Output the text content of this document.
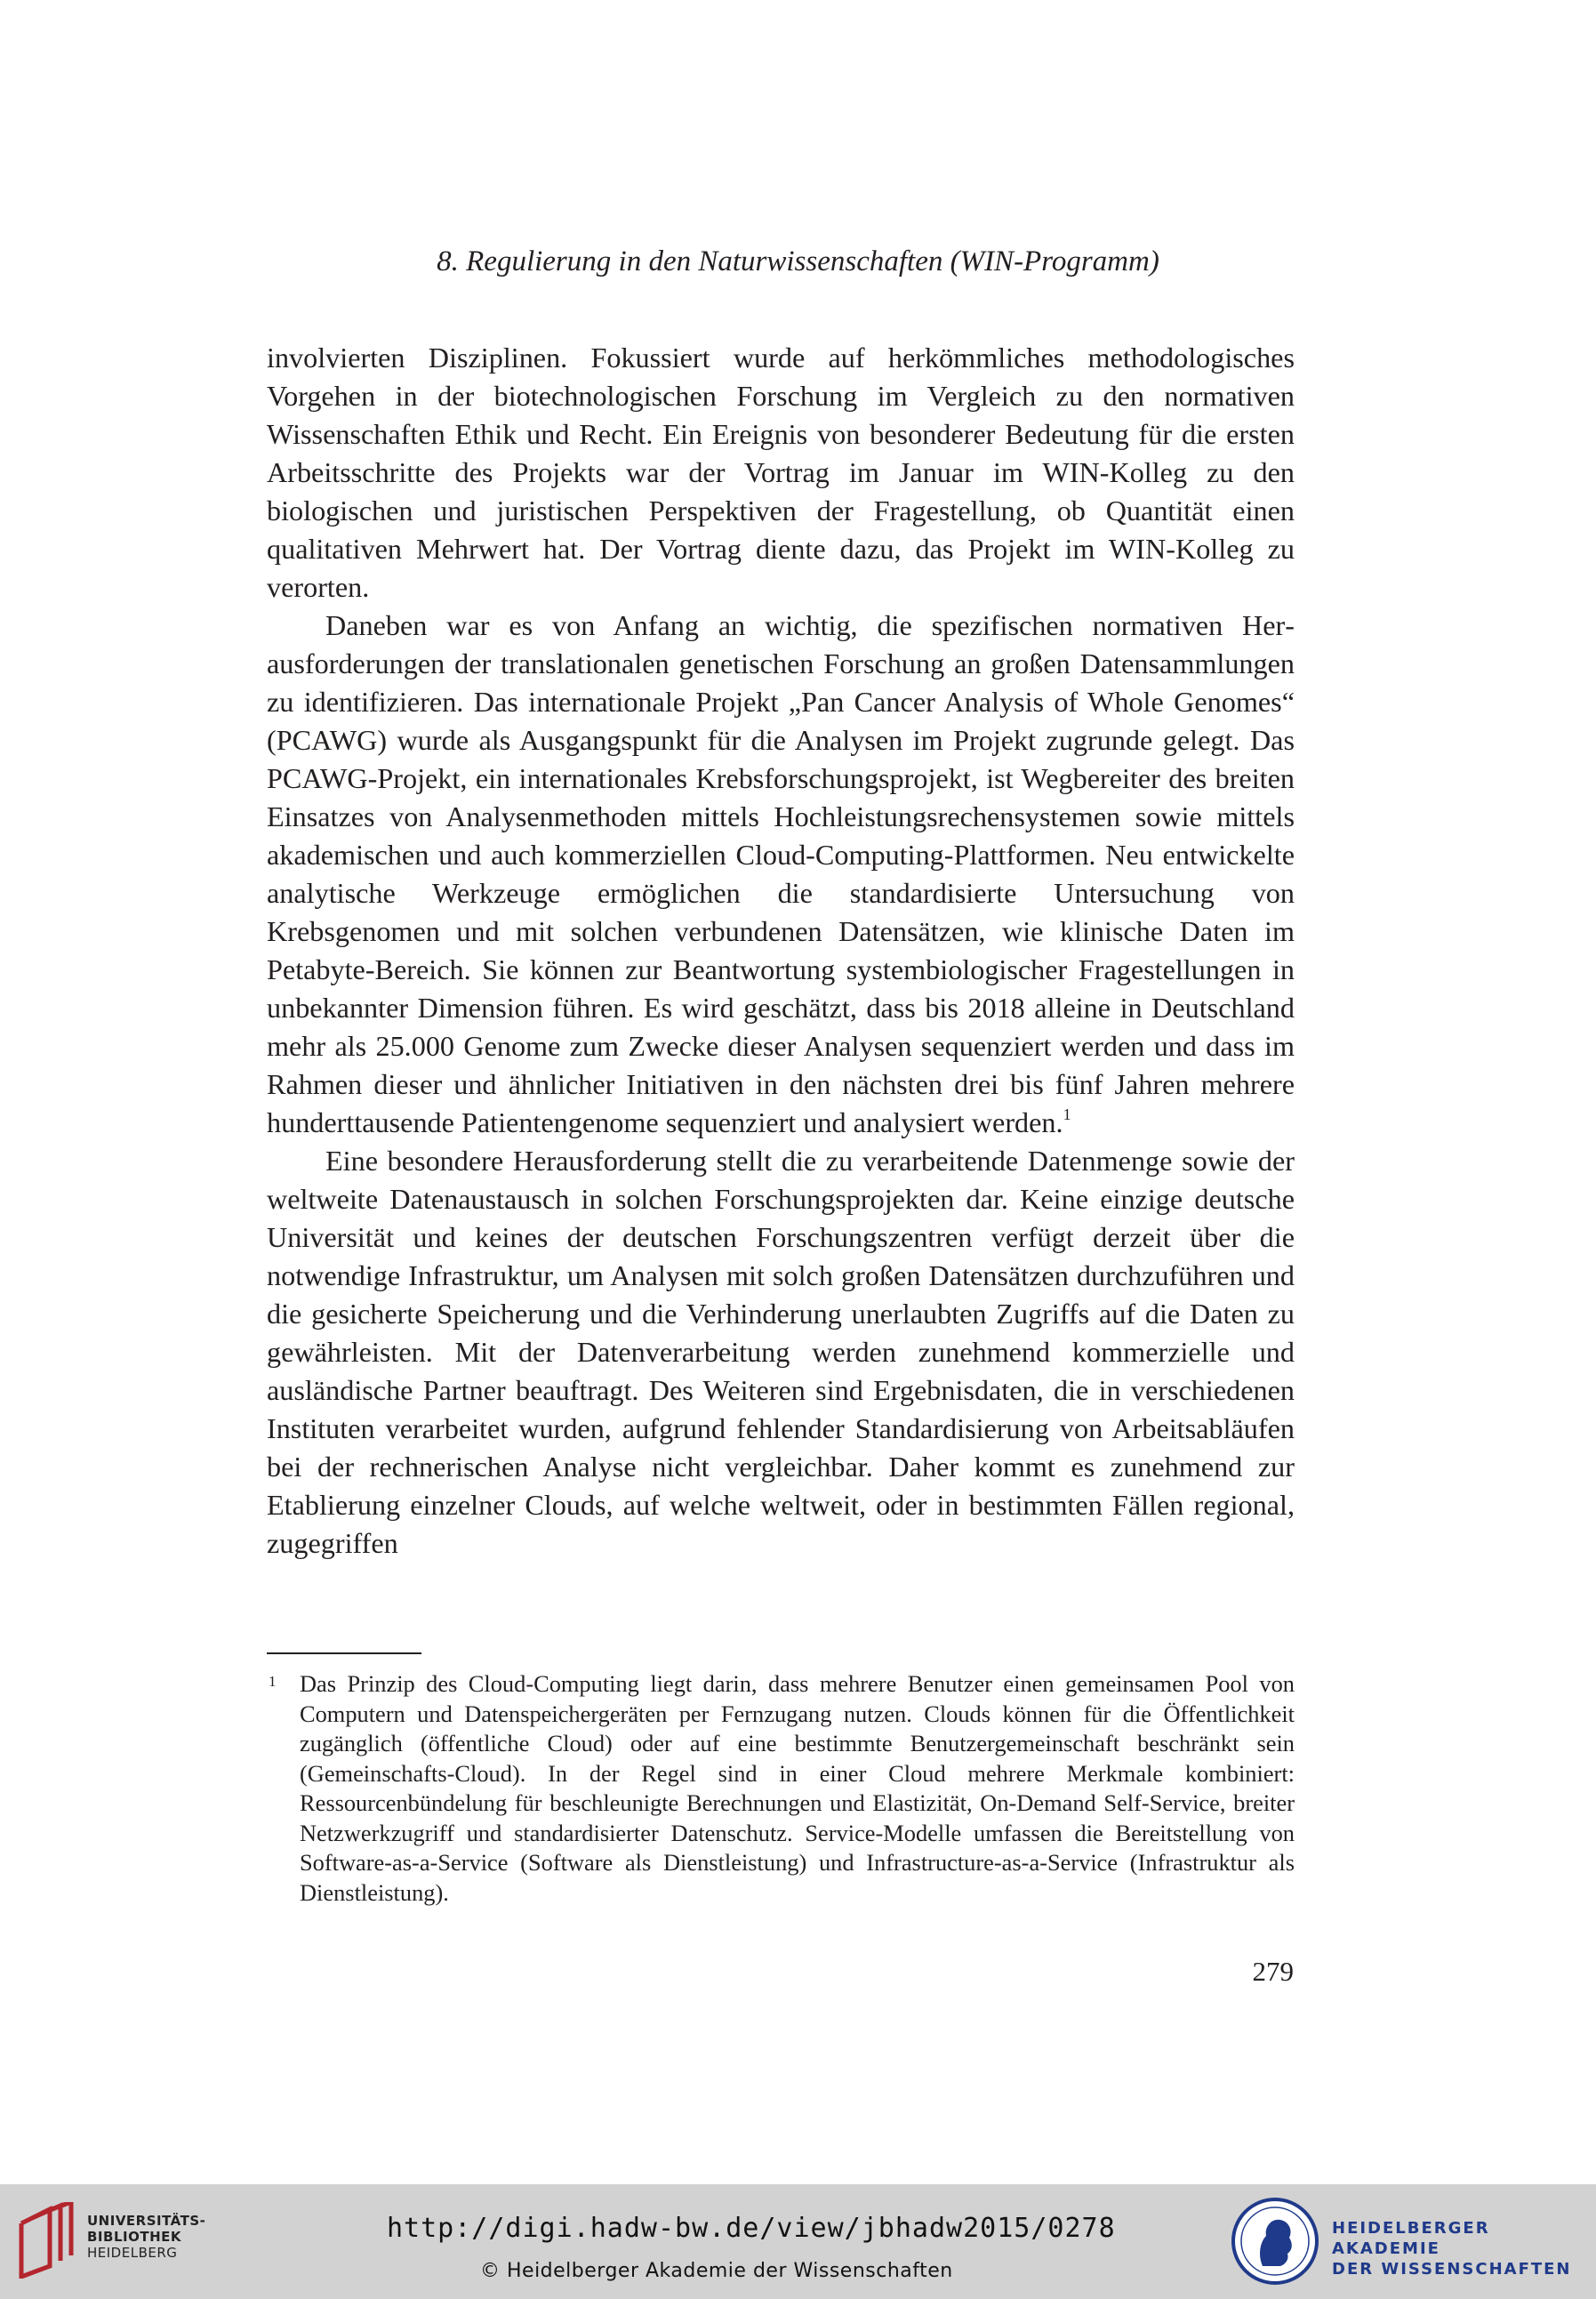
8. Regulierung in den Naturwissenschaften (WIN-Programm)

involvierten Disziplinen. Fokussiert wurde auf herkömmliches methodologisches Vorgehen in der biotechnologischen Forschung im Vergleich zu den normativen Wissenschaften Ethik und Recht. Ein Ereignis von besonderer Bedeutung für die ersten Arbeitsschritte des Projekts war der Vortrag im Januar im WIN-Kolleg zu den biologischen und juristischen Perspektiven der Fragestellung, ob Quantität einen qualitativen Mehrwert hat. Der Vortrag diente dazu, das Projekt im WIN-Kolleg zu verorten.

Daneben war es von Anfang an wichtig, die spezifischen normativen Herausforderungen der translationalen genetischen Forschung an großen Datensammlungen zu identifizieren. Das internationale Projekt „Pan Cancer Analysis of Whole Genomes“ (PCAWG) wurde als Ausgangspunkt für die Analysen im Projekt zugrunde gelegt. Das PCAWG-Projekt, ein internationales Krebsforschungsprojekt, ist Wegbereiter des breiten Einsatzes von Analysenmethoden mittels Hochleistungsrechensystemen sowie mittels akademischen und auch kommerziellen Cloud-Computing-Plattformen. Neu entwickelte analytische Werkzeuge ermöglichen die standardisierte Untersuchung von Krebsgenomen und mit solchen verbundenen Datensätzen, wie klinische Daten im Petabyte-Bereich. Sie können zur Beantwortung systembiologischer Fragestellungen in unbekannter Dimension führen. Es wird geschätzt, dass bis 2018 alleine in Deutschland mehr als 25.000 Genome zum Zwecke dieser Analysen sequenziert werden und dass im Rahmen dieser und ähnlicher Initiativen in den nächsten drei bis fünf Jahren mehrere hunderttausende Patientengenome sequenziert und analysiert werden.$^1$

Eine besondere Herausforderung stellt die zu verarbeitende Datenmenge sowie der weltweite Datenaustausch in solchen Forschungsprojekten dar. Keine einzige deutsche Universität und keines der deutschen Forschungszentren verfügt derzeit über die notwendige Infrastruktur, um Analysen mit solch großen Datensätzen durchzuführen und die gesicherte Speicherung und die Verhinderung unerlaubten Zugriffs auf die Daten zu gewährleisten. Mit der Datenverarbeitung werden zunehmend kommerzielle und ausländische Partner beauftragt. Des Weiteren sind Ergebnisdaten, die in verschiedenen Instituten verarbeitet wurden, aufgrund fehlender Standardisierung von Arbeitsabläufen bei der rechnerischen Analyse nicht vergleichbar. Daher kommt es zunehmend zur Etablierung einzelner Clouds, auf welche weltweit, oder in bestimmten Fällen regional, zugegriffen

1 Das Prinzip des Cloud-Computing liegt darin, dass mehrere Benutzer einen gemeinsamen Pool von Computern und Datenspeichergeräten per Fernzugang nutzen. Clouds können für die Öffentlichkeit zugänglich (öffentliche Cloud) oder auf eine bestimmte Benutzergemeinschaft beschränkt sein (Gemeinschafts-Cloud). In der Regel sind in einer Cloud mehrere Merkmale kombiniert: Ressourcenbündelung für beschleunigte Berechnungen und Elastizität, On-Demand Self-Service, breiter Netzwerkzugriff und standardisierter Datenschutz. Service-Modelle umfassen die Bereitstellung von Software-as-a-Service (Software als Dienstleistung) und Infrastructure-as-a-Service (Infrastruktur als Dienstleistung).

279

UNIVERSITÄTS-
BIBLIOTHEK
HEIDELBERG
http://digi.hadw-bw.de/view/jbhadw2015/0278
© Heidelberger Akademie der Wissenschaften
HEIDELBERGER AKADEMIE
DER WISSENSCHAFTEN
